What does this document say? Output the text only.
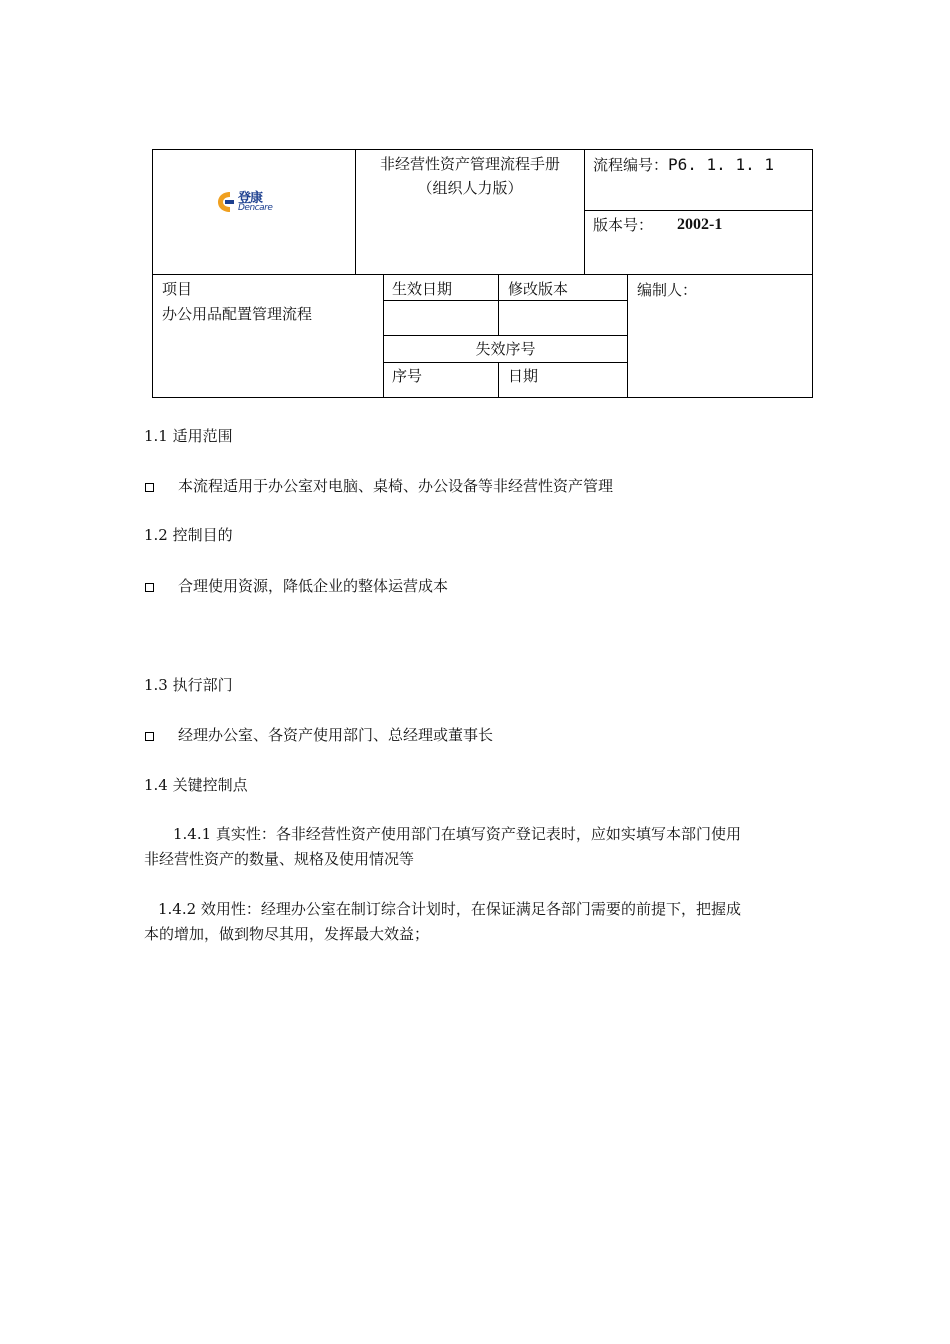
登康
Dencare
非经营性资产管理流程手册
（组织人力版）
流程编号：P6. 1. 1. 1
版本号： 2002-1
项目
办公用品配置管理流程
生效日期	修改版本
失效序号
序号	日期
编制人：
1.1 适用范围
本流程适用于办公室对电脑、桌椅、办公设备等非经营性资产管理
1.2 控制目的
合理使用资源，降低企业的整体运营成本
1.3 执行部门
经理办公室、各资产使用部门、总经理或董事长
1.4 关键控制点
1.4.1 真实性：各非经营性资产使用部门在填写资产登记表时，应如实填写本部门使用
非经营性资产的数量、规格及使用情况等
1.4.2 效用性：经理办公室在制订综合计划时，在保证满足各部门需要的前提下，把握成
本的增加，做到物尽其用，发挥最大效益；
